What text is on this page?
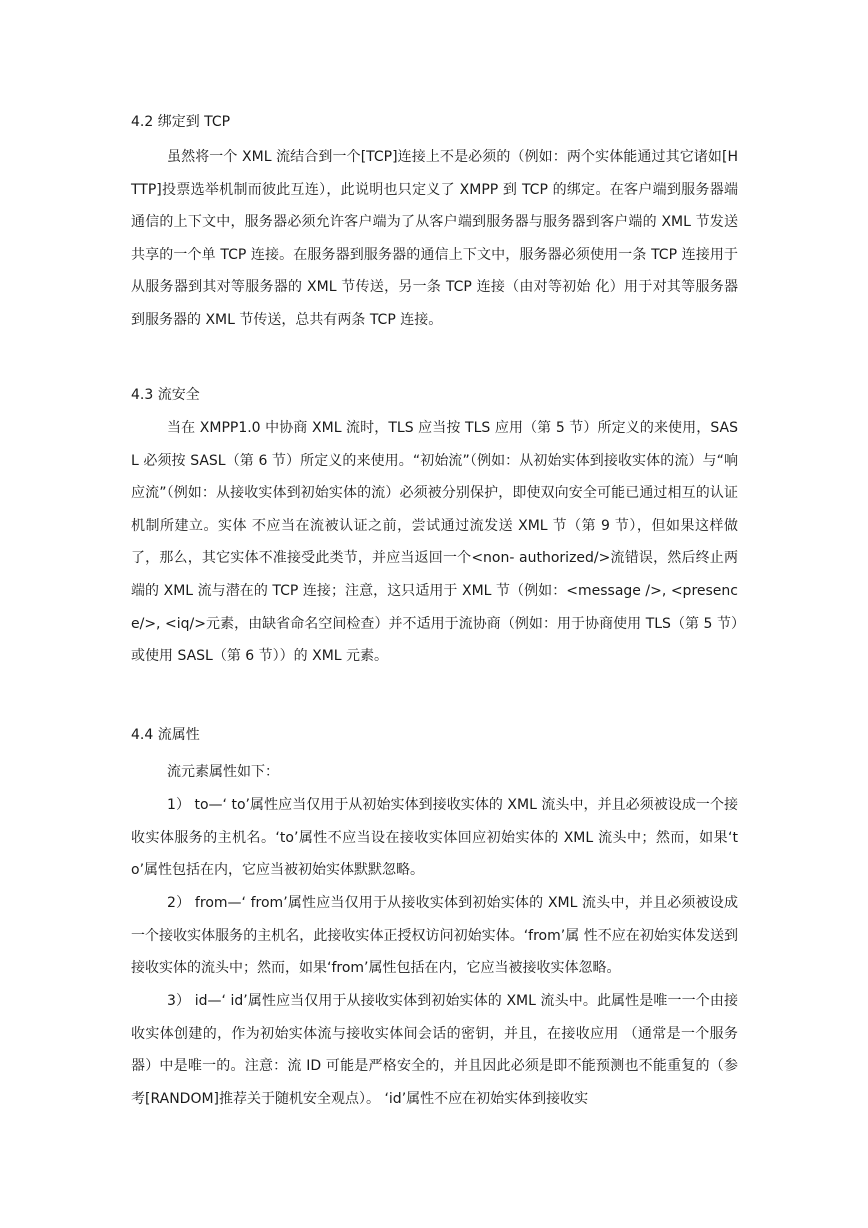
4.2 绑定到 TCP
虽然将一个 XML 流结合到一个[TCP]连接上不是必须的（例如：两个实体能通过其它诸如[HTTP]投票选举机制而彼此互连），此说明也只定义了 XMPP 到 TCP 的绑定。在客户端到服务器端通信的上下文中，服务器必须允许客户端为了从客户端到服务器与服务器到客户端的 XML 节发送共享的一个单 TCP 连接。在服务器到服务器的通信上下文中，服务器必须使用一条 TCP 连接用于从服务器到其对等服务器的 XML 节传送，另一条 TCP 连接（由对等初始 化）用于对其等服务器到服务器的 XML 节传送，总共有两条 TCP 连接。
4.3 流安全
当在 XMPP1.0 中协商 XML 流时，TLS 应当按 TLS 应用（第 5 节）所定义的来使用，SASL 必须按 SASL（第 6 节）所定义的来使用。“初始流”（例如：从初始实体到接收实体的流）与“响应流”（例如：从接收实体到初始实体的流）必须被分别保护，即使双向安全可能已通过相互的认证机制所建立。实体 不应当在流被认证之前，尝试通过流发送 XML 节（第 9 节），但如果这样做了，那么，其它实体不准接受此类节，并应当返回一个<non- authorized/>流错误，然后终止两端的 XML 流与潜在的 TCP 连接；注意，这只适用于 XML 节（例如：<message />, <presence/>, <iq/>元素，由缺省命名空间检查）并不适用于流协商（例如：用于协商使用 TLS（第 5 节）或使用 SASL（第 6 节））的 XML 元素。
4.4 流属性
流元素属性如下：
1） to—‘ to’属性应当仅用于从初始实体到接收实体的 XML 流头中，并且必须被设成一个接收实体服务的主机名。‘to’属性不应当设在接收实体回应初始实体的 XML 流头中；然而，如果‘to’属性包括在内，它应当被初始实体默默忽略。
2） from—‘ from’属性应当仅用于从接收实体到初始实体的 XML 流头中，并且必须被设成一个接收实体服务的主机名，此接收实体正授权访问初始实体。‘from’属 性不应在初始实体发送到接收实体的流头中；然而，如果‘from’属性包括在内，它应当被接收实体忽略。
3） id—‘ id’属性应当仅用于从接收实体到初始实体的 XML 流头中。此属性是唯一一个由接收实体创建的，作为初始实体流与接收实体间会话的密钥，并且，在接收应用 （通常是一个服务器）中是唯一的。注意：流 ID 可能是严格安全的，并且因此必须是即不能预测也不能重复的（参考[RANDOM]推荐关于随机安全观点）。 ‘id’属性不应在初始实体到接收实
